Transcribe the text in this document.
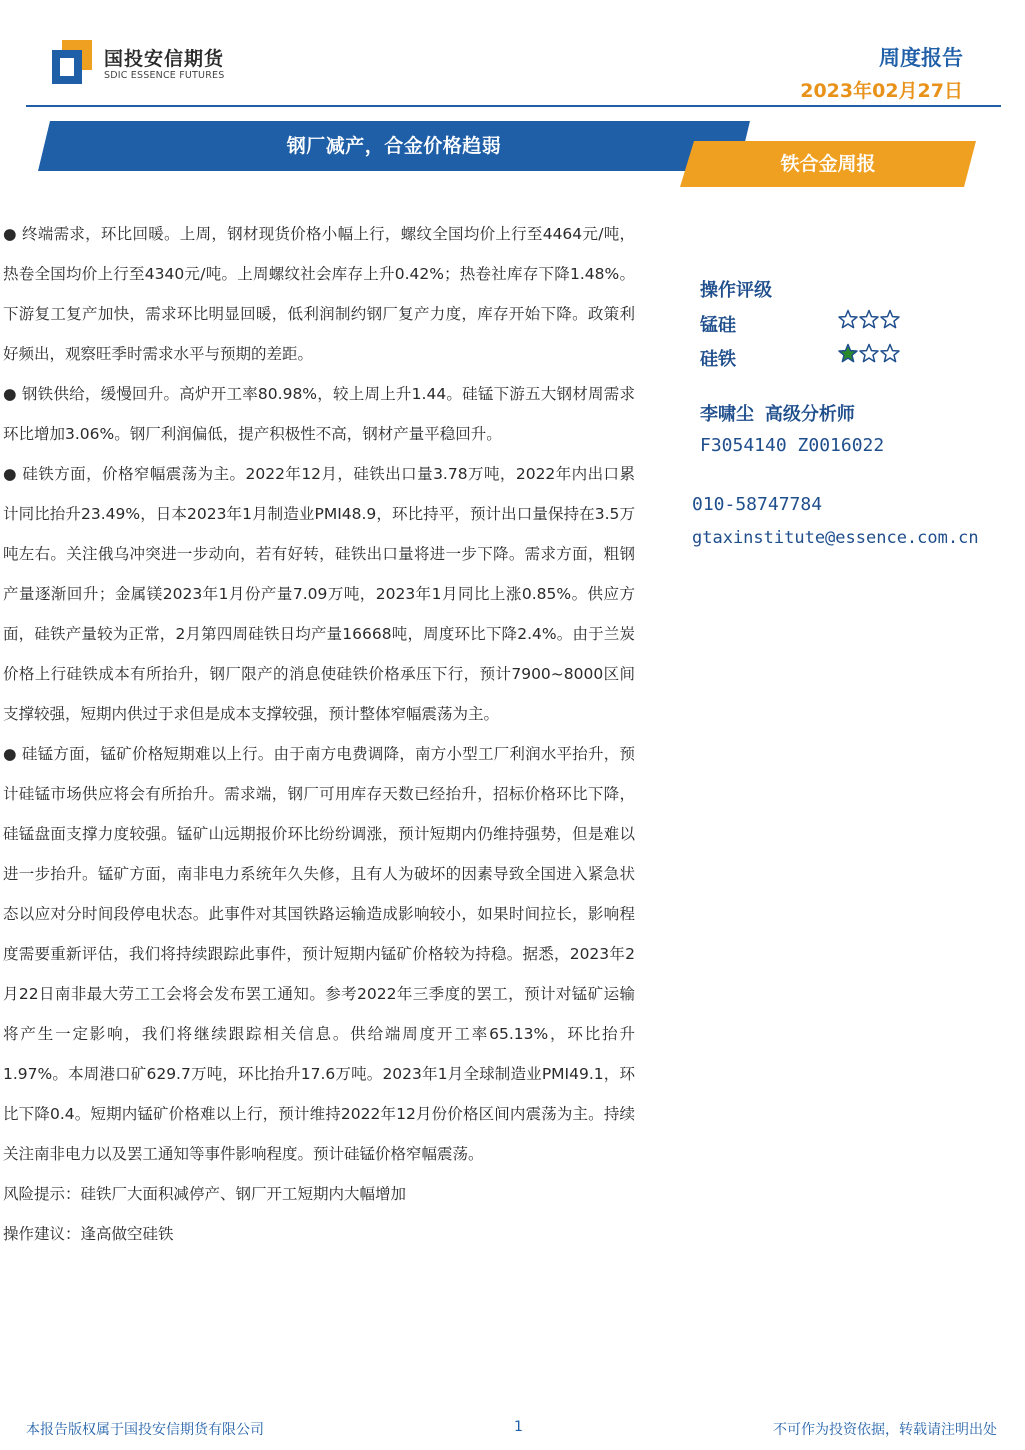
国投安信期货
SDIC ESSENCE FUTURES
周度报告
2023年02月27日
钢厂减产，合金价格趋弱
铁合金周报

● 终端需求，环比回暖。上周，钢材现货价格小幅上行，螺纹全国均价上行至4464元/吨，热卷全国均价上行至4340元/吨。上周螺纹社会库存上升0.42%；热卷社库存下降1.48%。下游复工复产加快，需求环比明显回暖，低利润制约钢厂复产力度，库存开始下降。政策利好频出，观察旺季时需求水平与预期的差距。

● 钢铁供给，缓慢回升。高炉开工率80.98%，较上周上升1.44。硅锰下游五大钢材周需求环比增加3.06%。钢厂利润偏低，提产积极性不高，钢材产量平稳回升。

● 硅铁方面，价格窄幅震荡为主。2022年12月，硅铁出口量3.78万吨，2022年内出口累计同比抬升23.49%，日本2023年1月制造业PMI48.9，环比持平，预计出口量保持在3.5万吨左右。关注俄乌冲突进一步动向，若有好转，硅铁出口量将进一步下降。需求方面，粗钢产量逐渐回升；金属镁2023年1月份产量7.09万吨，2023年1月同比上涨0.85%。供应方面，硅铁产量较为正常，2月第四周硅铁日均产量16668吨，周度环比下降2.4%。由于兰炭价格上行硅铁成本有所抬升，钢厂限产的消息使硅铁价格承压下行，预计7900~8000区间支撑较强，短期内供过于求但是成本支撑较强，预计整体窄幅震荡为主。

● 硅锰方面，锰矿价格短期难以上行。由于南方电费调降，南方小型工厂利润水平抬升，预计硅锰市场供应将会有所抬升。需求端，钢厂可用库存天数已经抬升，招标价格环比下降，硅锰盘面支撑力度较强。锰矿山远期报价环比纷纷调涨，预计短期内仍维持强势，但是难以进一步抬升。锰矿方面，南非电力系统年久失修，且有人为破坏的因素导致全国进入紧急状态以应对分时间段停电状态。此事件对其国铁路运输造成影响较小，如果时间拉长，影响程度需要重新评估，我们将持续跟踪此事件，预计短期内锰矿价格较为持稳。据悉，2023年2月22日南非最大劳工工会将会发布罢工通知。参考2022年三季度的罢工，预计对锰矿运输将产生一定影响，我们将继续跟踪相关信息。供给端周度开工率65.13%，环比抬升1.97%。本周港口矿629.7万吨，环比抬升17.6万吨。2023年1月全球制造业PMI49.1，环比下降0.4。短期内锰矿价格难以上行，预计维持2022年12月份价格区间内震荡为主。持续关注南非电力以及罢工通知等事件影响程度。预计硅锰价格窄幅震荡。

风险提示：硅铁厂大面积减停产、钢厂开工短期内大幅增加

操作建议：逢高做空硅铁

操作评级
锰硅
硅铁
李啸尘 高级分析师
F3054140 Z0016022
010-58747784
gtaxinstitute@essence.com.cn
本报告版权属于国投安信期货有限公司	1	不可作为投资依据，转载请注明出处
